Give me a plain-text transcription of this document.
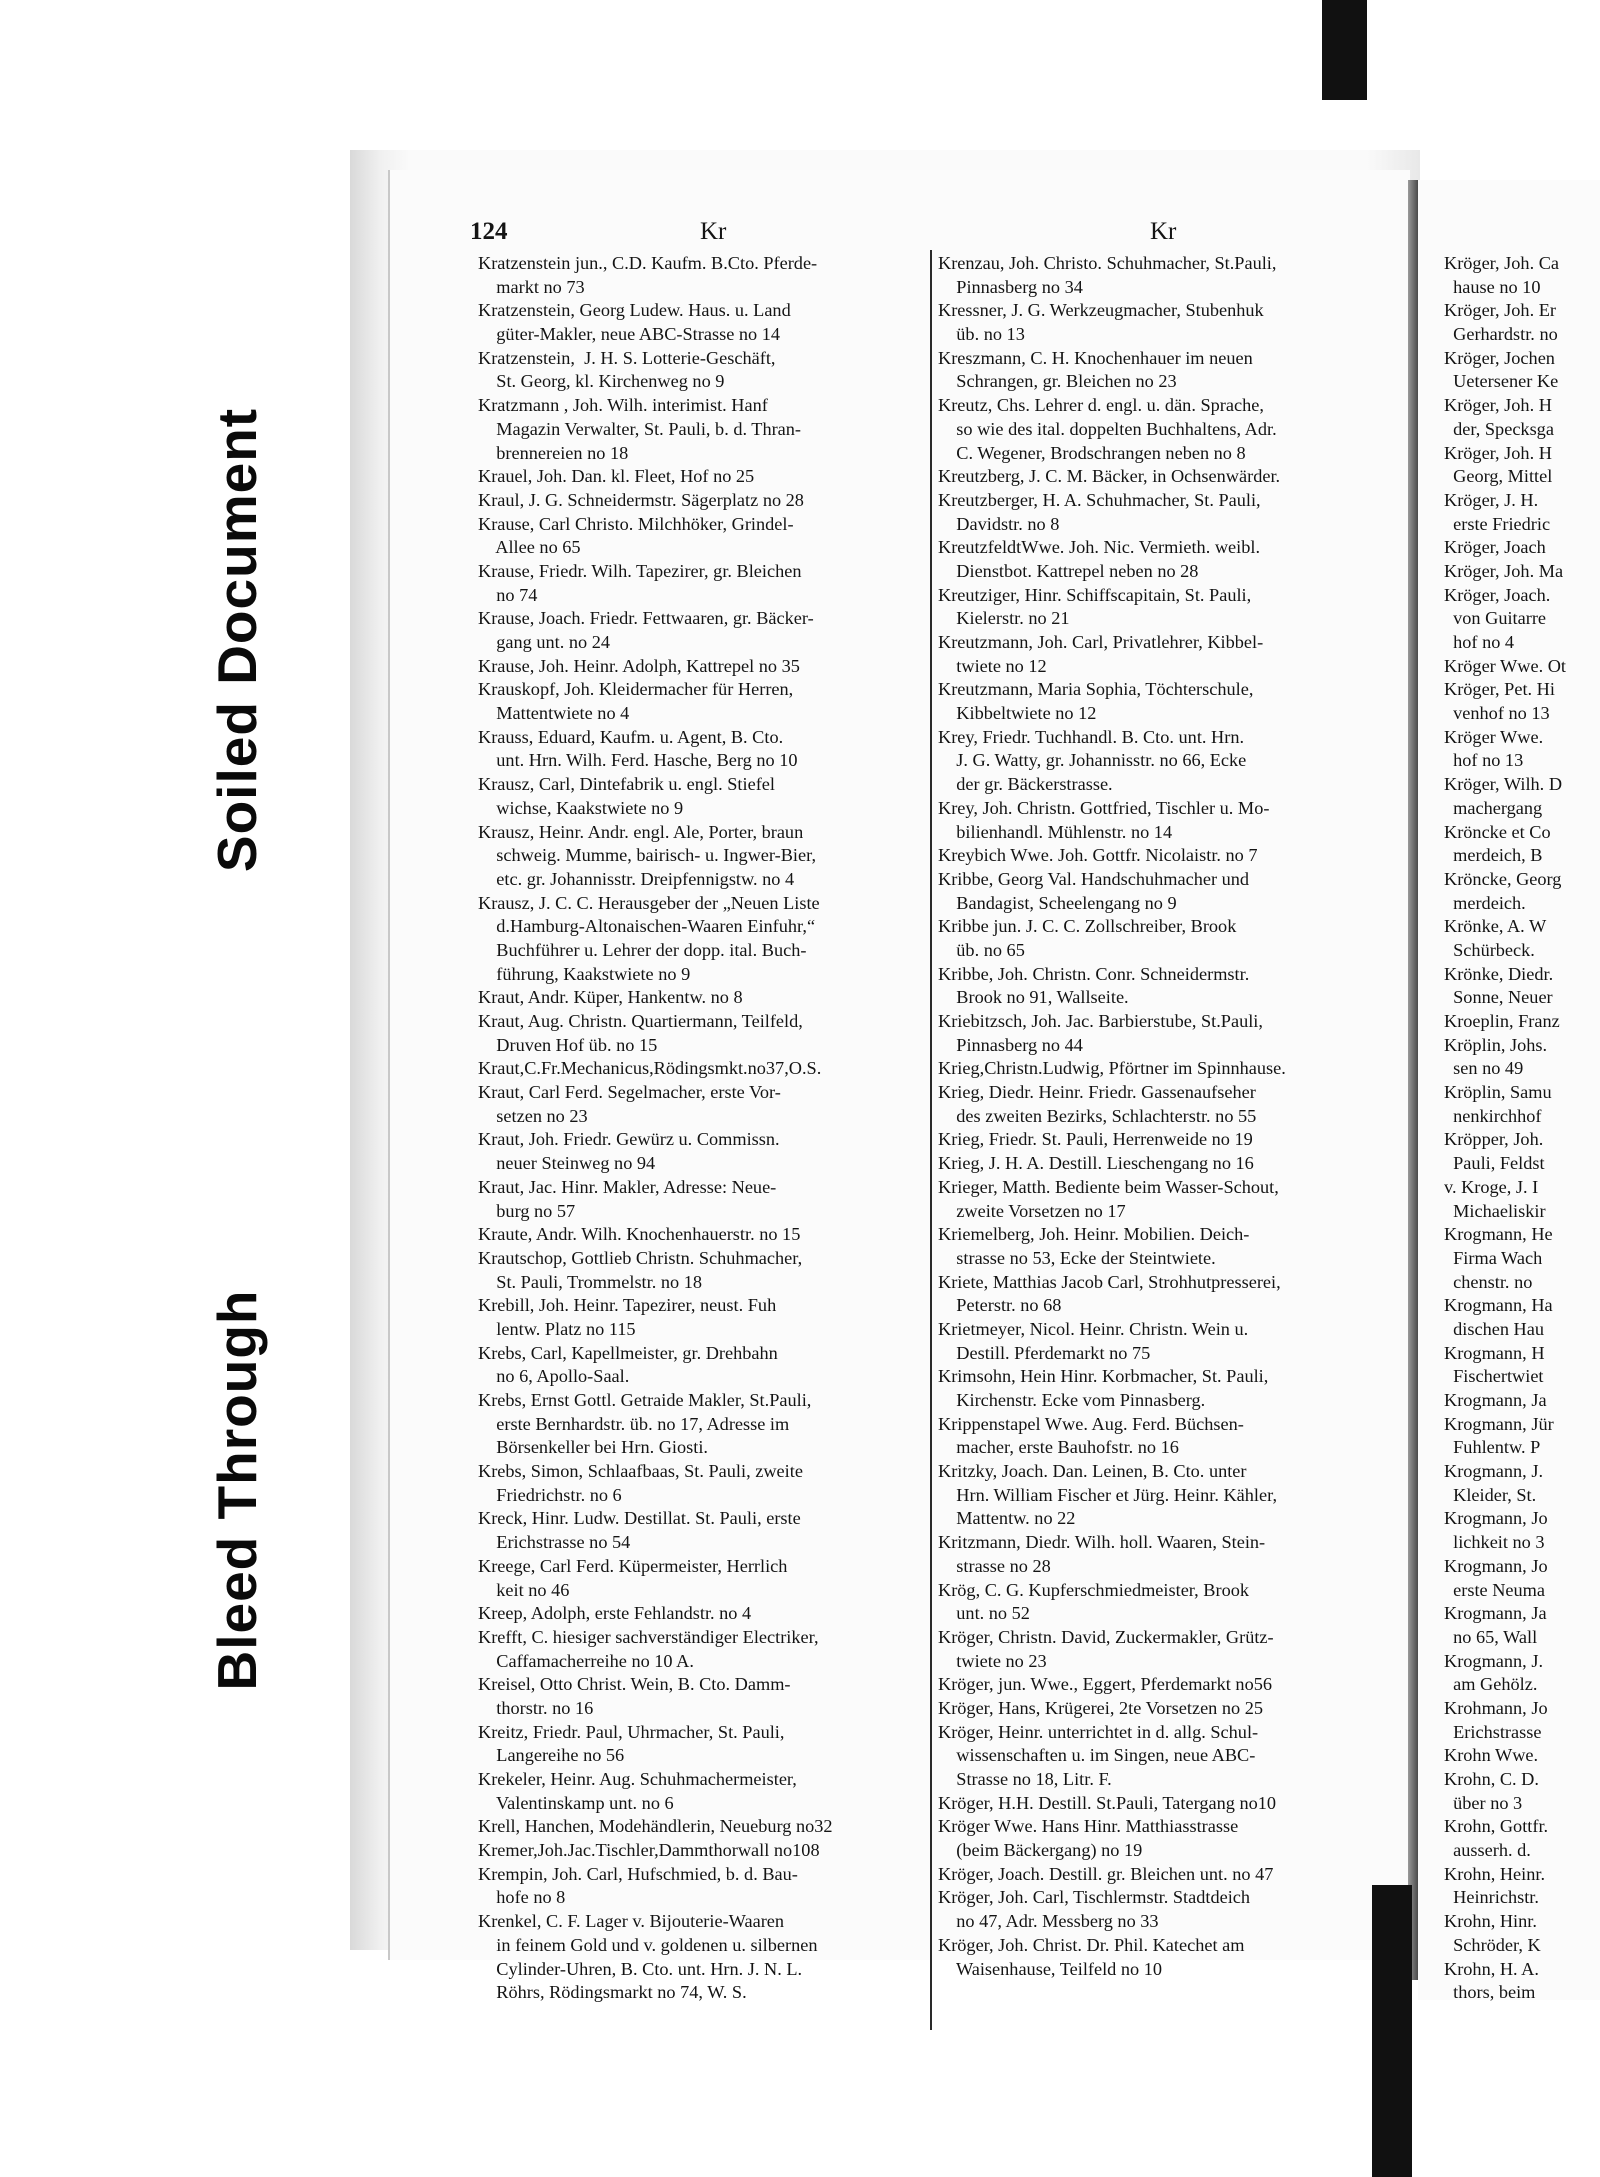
Soiled Document
Bleed Through
124	Kr	Kr
Kratzenstein jun., C.D. Kaufm. B.Cto. Pferde-
markt no 73
Kratzenstein, Georg Ludew. Haus. u. Land
güter-Makler, neue ABC-Strasse no 14
Kratzenstein,  J. H. S. Lotterie-Geschäft,
St. Georg, kl. Kirchenweg no 9
Kratzmann , Joh. Wilh. interimist. Hanf
Magazin Verwalter, St. Pauli, b. d. Thran-
brennereien no 18
Krauel, Joh. Dan. kl. Fleet, Hof no 25
Kraul, J. G. Schneidermstr. Sägerplatz no 28
Krause, Carl Christo. Milchhöker, Grindel-
Allee no 65
Krause, Friedr. Wilh. Tapezirer, gr. Bleichen
no 74
Krause, Joach. Friedr. Fettwaaren, gr. Bäcker-
gang unt. no 24
Krause, Joh. Heinr. Adolph, Kattrepel no 35
Krauskopf, Joh. Kleidermacher für Herren,
Mattentwiete no 4
Krauss, Eduard, Kaufm. u. Agent, B. Cto.
unt. Hrn. Wilh. Ferd. Hasche, Berg no 10
Krausz, Carl, Dintefabrik u. engl. Stiefel
wichse, Kaakstwiete no 9
Krausz, Heinr. Andr. engl. Ale, Porter, braun
schweig. Mumme, bairisch- u. Ingwer-Bier,
etc. gr. Johannisstr. Dreipfennigstw. no 4
Krausz, J. C. C. Herausgeber der „Neuen Liste
d.Hamburg-Altonaischen-Waaren Einfuhr,“
Buchführer u. Lehrer der dopp. ital. Buch-
führung, Kaakstwiete no 9
Kraut, Andr. Küper, Hankentw. no 8
Kraut, Aug. Christn. Quartiermann, Teilfeld,
Druven Hof üb. no 15
Kraut,C.Fr.Mechanicus,Rödingsmkt.no37,O.S.
Kraut, Carl Ferd. Segelmacher, erste Vor-
setzen no 23
Kraut, Joh. Friedr. Gewürz u. Commissn.
neuer Steinweg no 94
Kraut, Jac. Hinr. Makler, Adresse: Neue-
burg no 57
Kraute, Andr. Wilh. Knochenhauerstr. no 15
Krautschop, Gottlieb Christn. Schuhmacher,
St. Pauli, Trommelstr. no 18
Krebill, Joh. Heinr. Tapezirer, neust. Fuh
lentw. Platz no 115
Krebs, Carl, Kapellmeister, gr. Drehbahn
no 6, Apollo-Saal.
Krebs, Ernst Gottl. Getraide Makler, St.Pauli,
erste Bernhardstr. üb. no 17, Adresse im
Börsenkeller bei Hrn. Giosti.
Krebs, Simon, Schlaafbaas, St. Pauli, zweite
Friedrichstr. no 6
Kreck, Hinr. Ludw. Destillat. St. Pauli, erste
Erichstrasse no 54
Kreege, Carl Ferd. Küpermeister, Herrlich
keit no 46
Kreep, Adolph, erste Fehlandstr. no 4
Krefft, C. hiesiger sachverständiger Electriker,
Caffamacherreihe no 10 A.
Kreisel, Otto Christ. Wein, B. Cto. Damm-
thorstr. no 16
Kreitz, Friedr. Paul, Uhrmacher, St. Pauli,
Langereihe no 56
Krekeler, Heinr. Aug. Schuhmachermeister,
Valentinskamp unt. no 6
Krell, Hanchen, Modehändlerin, Neueburg no32
Kremer,Joh.Jac.Tischler,Dammthorwall no108
Krempin, Joh. Carl, Hufschmied, b. d. Bau-
hofe no 8
Krenkel, C. F. Lager v. Bijouterie-Waaren
in feinem Gold und v. goldenen u. silbernen
Cylinder-Uhren, B. Cto. unt. Hrn. J. N. L.
Röhrs, Rödingsmarkt no 74, W. S.
Krenzau, Joh. Christo. Schuhmacher, St.Pauli,
Pinnasberg no 34
Kressner, J. G. Werkzeugmacher, Stubenhuk
üb. no 13
Kreszmann, C. H. Knochenhauer im neuen
Schrangen, gr. Bleichen no 23
Kreutz, Chs. Lehrer d. engl. u. dän. Sprache,
so wie des ital. doppelten Buchhaltens, Adr.
C. Wegener, Brodschrangen neben no 8
Kreutzberg, J. C. M. Bäcker, in Ochsenwärder.
Kreutzberger, H. A. Schuhmacher, St. Pauli,
Davidstr. no 8
KreutzfeldtWwe. Joh. Nic. Vermieth. weibl.
Dienstbot. Kattrepel neben no 28
Kreutziger, Hinr. Schiffscapitain, St. Pauli,
Kielerstr. no 21
Kreutzmann, Joh. Carl, Privatlehrer, Kibbel-
twiete no 12
Kreutzmann, Maria Sophia, Töchterschule,
Kibbeltwiete no 12
Krey, Friedr. Tuchhandl. B. Cto. unt. Hrn.
J. G. Watty, gr. Johannisstr. no 66, Ecke
der gr. Bäckerstrasse.
Krey, Joh. Christn. Gottfried, Tischler u. Mo-
bilienhandl. Mühlenstr. no 14
Kreybich Wwe. Joh. Gottfr. Nicolaistr. no 7
Kribbe, Georg Val. Handschuhmacher und
Bandagist, Scheelengang no 9
Kribbe jun. J. C. C. Zollschreiber, Brook
üb. no 65
Kribbe, Joh. Christn. Conr. Schneidermstr.
Brook no 91, Wallseite.
Kriebitzsch, Joh. Jac. Barbierstube, St.Pauli,
Pinnasberg no 44
Krieg,Christn.Ludwig, Pförtner im Spinnhause.
Krieg, Diedr. Heinr. Friedr. Gassenaufseher
des zweiten Bezirks, Schlachterstr. no 55
Krieg, Friedr. St. Pauli, Herrenweide no 19
Krieg, J. H. A. Destill. Lieschengang no 16
Krieger, Matth. Bediente beim Wasser-Schout,
zweite Vorsetzen no 17
Kriemelberg, Joh. Heinr. Mobilien. Deich-
strasse no 53, Ecke der Steintwiete.
Kriete, Matthias Jacob Carl, Strohhutpresserei,
Peterstr. no 68
Krietmeyer, Nicol. Heinr. Christn. Wein u.
Destill. Pferdemarkt no 75
Krimsohn, Hein Hinr. Korbmacher, St. Pauli,
Kirchenstr. Ecke vom Pinnasberg.
Krippenstapel Wwe. Aug. Ferd. Büchsen-
macher, erste Bauhofstr. no 16
Kritzky, Joach. Dan. Leinen, B. Cto. unter
Hrn. William Fischer et Jürg. Heinr. Kähler,
Mattentw. no 22
Kritzmann, Diedr. Wilh. holl. Waaren, Stein-
strasse no 28
Krög, C. G. Kupferschmiedmeister, Brook
unt. no 52
Kröger, Christn. David, Zuckermakler, Grütz-
twiete no 23
Kröger, jun. Wwe., Eggert, Pferdemarkt no56
Kröger, Hans, Krügerei, 2te Vorsetzen no 25
Kröger, Heinr. unterrichtet in d. allg. Schul-
wissenschaften u. im Singen, neue ABC-
Strasse no 18, Litr. F.
Kröger, H.H. Destill. St.Pauli, Tatergang no10
Kröger Wwe. Hans Hinr. Matthiasstrasse
(beim Bäckergang) no 19
Kröger, Joach. Destill. gr. Bleichen unt. no 47
Kröger, Joh. Carl, Tischlermstr. Stadtdeich
no 47, Adr. Messberg no 33
Kröger, Joh. Christ. Dr. Phil. Katechet am
Waisenhause, Teilfeld no 10
Kröger, Joh. Ca
hause no 10
Kröger, Joh. Er
Gerhardstr. no
Kröger, Jochen
Uetersener Ke
Kröger, Joh. H
der, Specksga
Kröger, Joh. H
Georg, Mittel
Kröger, J. H.
erste Friedric
Kröger, Joach
Kröger, Joh. Ma
Kröger, Joach.
von Guitarre
hof no 4
Kröger Wwe. Ot
Kröger, Pet. Hi
venhof no 13
Kröger Wwe.
hof no 13
Kröger, Wilh. D
machergang
Kröncke et Co
merdeich, B
Kröncke, Georg
merdeich.
Krönke, A. W
Schürbeck.
Krönke, Diedr.
Sonne, Neuer
Kroeplin, Franz
Kröplin, Johs.
sen no 49
Kröplin, Samu
nenkirchhof
Kröpper, Joh.
Pauli, Feldst
v. Kroge, J. I
Michaeliskir
Krogmann, He
Firma Wach
chenstr. no
Krogmann, Ha
dischen Hau
Krogmann, H
Fischertwiet
Krogmann, Ja
Krogmann, Jür
Fuhlentw. P
Krogmann, J.
Kleider, St.
Krogmann, Jo
lichkeit no 3
Krogmann, Jo
erste Neuma
Krogmann, Ja
no 65, Wall
Krogmann, J.
am Gehölz.
Krohmann, Jo
Erichstrasse
Krohn Wwe.
Krohn, C. D.
über no 3
Krohn, Gottfr.
ausserh. d.
Krohn, Heinr.
Heinrichstr.
Krohn, Hinr.
Schröder, K
Krohn, H. A.
thors, beim
